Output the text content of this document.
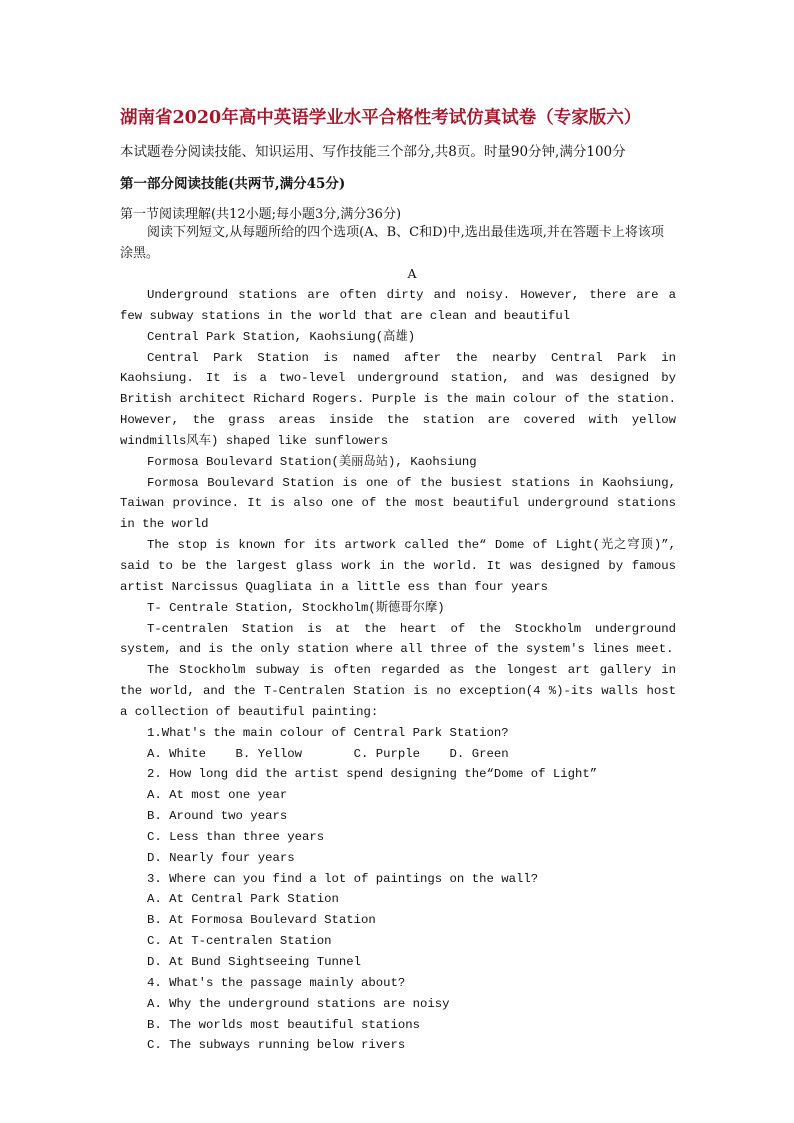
湖南省2020年高中英语学业水平合格性考试仿真试卷（专家版六）
本试题卷分阅读技能、知识运用、写作技能三个部分,共8页。时量90分钟,满分100分
第一部分阅读技能(共两节,满分45分)
第一节阅读理解(共12小题;每小题3分,满分36分)
阅读下列短文,从每题所给的四个选项(A、B、C和D)中,选出最佳选项,并在答题卡上将该项涂黑。
A

Underground stations are often dirty and noisy. However, there are a few subway stations in the world that are clean and beautiful

Central Park Station, Kaohsiung(高雄)

Central Park Station is named after the nearby Central Park in Kaohsiung. It is a two-level underground station, and was designed by British architect Richard Rogers. Purple is the main colour of the station. However, the grass areas inside the station are covered with yellow windmills风车) shaped like sunflowers

Formosa Boulevard Station(美丽岛站), Kaohsiung

Formosa Boulevard Station is one of the busiest stations in Kaohsiung, Taiwan province. It is also one of the most beautiful underground stations in the world

The stop is known for its artwork called the“ Dome of Light(光之穹顶)”, said to be the largest glass work in the world. It was designed by famous artist Narcissus Quagliata in a little ess than four years

T- Centrale Station, Stockholm(斯德哥尔摩)

T-centralen Station is at the heart of the Stockholm underground system, and is the only station where all three of the system's lines meet.

The Stockholm subway is often regarded as the longest art gallery in the world, and the T-Centralen Station is no exception(4 %)-its walls host a collection of beautiful painting:

1.What's the main colour of Central Park Station?

A. White    B. Yellow       C. Purple    D. Green

2. How long did the artist spend designing the“Dome of Light”

A. At most one year

B. Around two years

C. Less than three years

D. Nearly four years

3. Where can you find a lot of paintings on the wall?

A. At Central Park Station

B. At Formosa Boulevard Station

C. At T-centralen Station

D. At Bund Sightseeing Tunnel

4. What's the passage mainly about?

A. Why the underground stations are noisy

B. The worlds most beautiful stations

C. The subways running below rivers
